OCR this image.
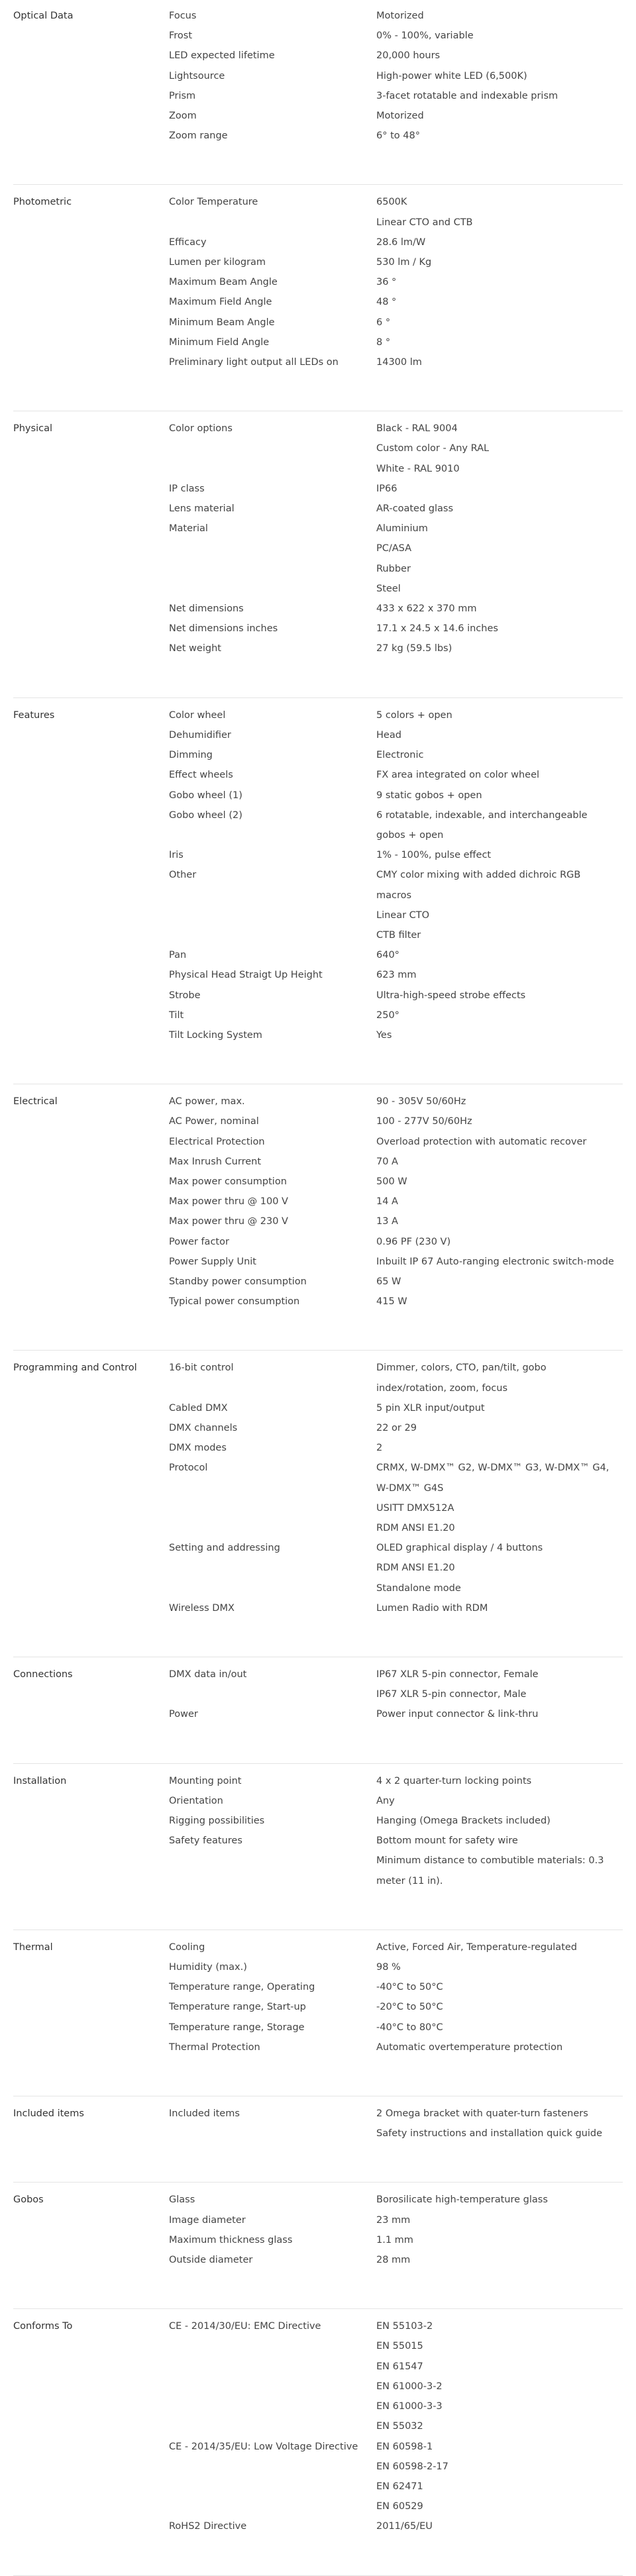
Optical Data	Focus	Motorized
Frost	0% - 100%, variable
LED expected lifetime	20,000 hours
Lightsource	High-power white LED (6,500K)
Prism	3-facet rotatable and indexable prism
Zoom	Motorized
Zoom range	6° to 48°
Photometric	Color Temperature	6500K
Linear CTO and CTB
Efficacy	28.6 lm/W
Lumen per kilogram	530 lm / Kg
Maximum Beam Angle	36 °
Maximum Field Angle	48 °
Minimum Beam Angle	6 °
Minimum Field Angle	8 °
Preliminary light output all LEDs on	14300 lm
Physical	Color options	Black - RAL 9004
Custom color - Any RAL
White - RAL 9010
IP class	IP66
Lens material	AR-coated glass
Material	Aluminium
PC/ASA
Rubber
Steel
Net dimensions	433 x 622 x 370 mm
Net dimensions inches	17.1 x 24.5 x 14.6 inches
Net weight	27 kg (59.5 lbs)
Features	Color wheel	5 colors + open
Dehumidifier	Head
Dimming	Electronic
Effect wheels	FX area integrated on color wheel
Gobo wheel (1)	9 static gobos + open
Gobo wheel (2)	6 rotatable, indexable, and interchangeable gobos + open
Iris	1% - 100%, pulse effect
Other	CMY color mixing with added dichroic RGB macros
Linear CTO
CTB filter
Pan	640°
Physical Head Straigt Up Height	623 mm
Strobe	Ultra-high-speed strobe effects
Tilt	250°
Tilt Locking System	Yes
Electrical	AC power, max.	90 - 305V 50/60Hz
AC Power, nominal	100 - 277V 50/60Hz
Electrical Protection	Overload protection with automatic recover
Max Inrush Current	70 A
Max power consumption	500 W
Max power thru @ 100 V	14 A
Max power thru @ 230 V	13 A
Power factor	0.96 PF (230 V)
Power Supply Unit	Inbuilt IP 67 Auto-ranging electronic switch-mode
Standby power consumption	65 W
Typical power consumption	415 W
Programming and Control	16-bit control	Dimmer, colors, CTO, pan/tilt, gobo index/rotation, zoom, focus
Cabled DMX	5 pin XLR input/output
DMX channels	22 or 29
DMX modes	2
Protocol	CRMX, W-DMX™ G2, W-DMX™ G3, W-DMX™ G4, W-DMX™ G4S
USITT DMX512A
RDM ANSI E1.20
Setting and addressing	OLED graphical display / 4 buttons
RDM ANSI E1.20
Standalone mode
Wireless DMX	Lumen Radio with RDM
Connections	DMX data in/out	IP67 XLR 5-pin connector, Female
IP67 XLR 5-pin connector, Male
Power	Power input connector & link-thru
Installation	Mounting point	4 x 2 quarter-turn locking points
Orientation	Any
Rigging possibilities	Hanging (Omega Brackets included)
Safety features	Bottom mount for safety wire
Minimum distance to combutible materials: 0.3 meter (11 in).
Thermal	Cooling	Active, Forced Air, Temperature-regulated
Humidity (max.)	98 %
Temperature range, Operating	-40°C to 50°C
Temperature range, Start-up	-20°C to 50°C
Temperature range, Storage	-40°C to 80°C
Thermal Protection	Automatic overtemperature protection
Included items	Included items	2 Omega bracket with quater-turn fasteners
Safety instructions and installation quick guide
Gobos	Glass	Borosilicate high-temperature glass
Image diameter	23 mm
Maximum thickness glass	1.1 mm
Outside diameter	28 mm
Conforms To	CE - 2014/30/EU: EMC Directive	EN 55103-2
EN 55015
EN 61547
EN 61000-3-2
EN 61000-3-3
EN 55032
CE - 2014/35/EU: Low Voltage Directive	EN 60598-1
EN 60598-2-17
EN 62471
EN 60529
RoHS2 Directive	2011/65/EU
